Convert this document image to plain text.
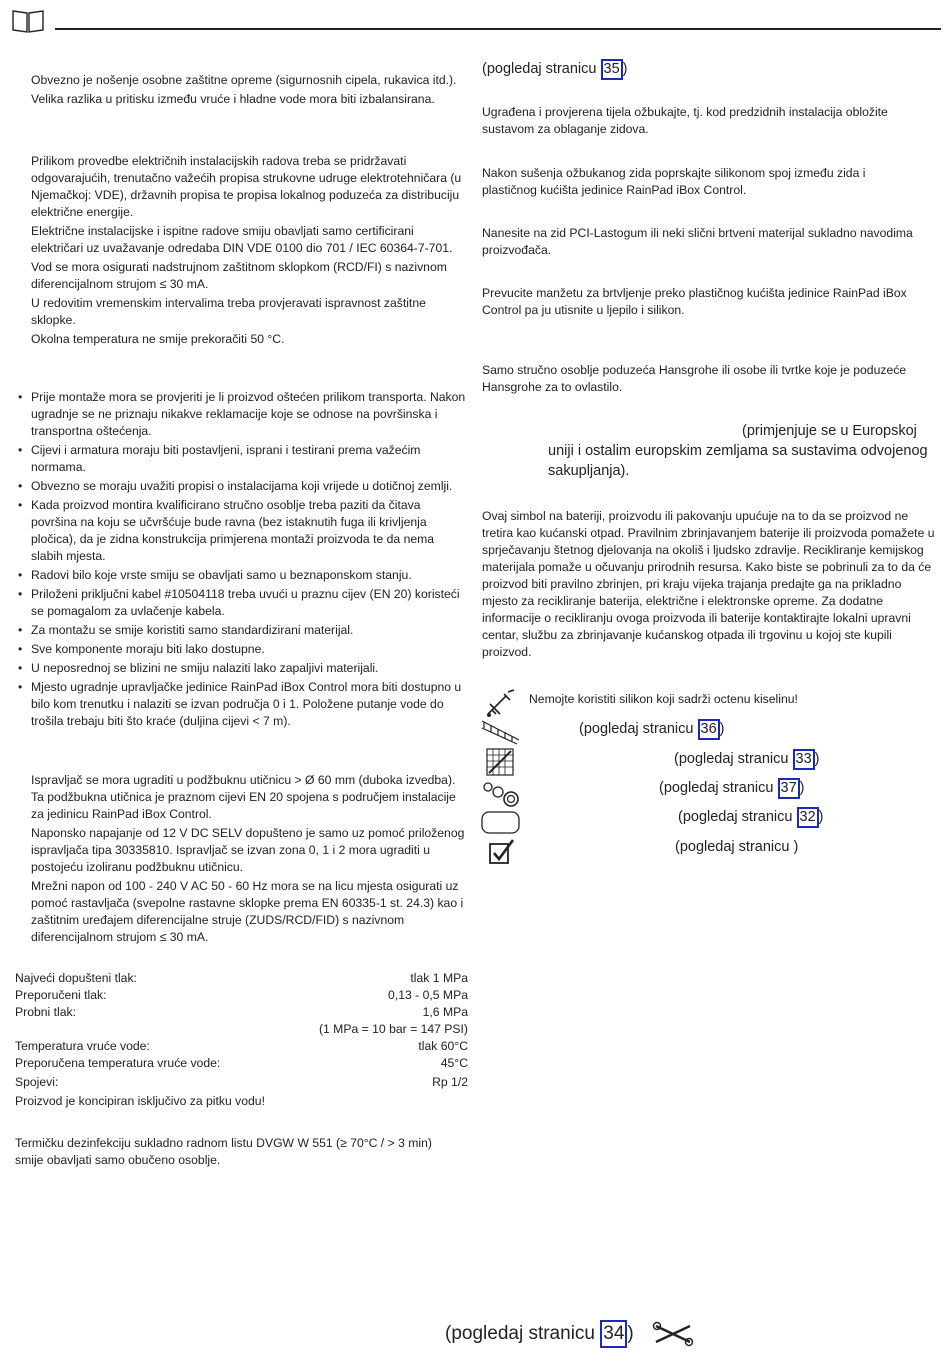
Obvezno je nošenje osobne zaštitne opreme (sigurnosnih cipela, rukavica itd.).

Velika razlika u pritisku između vruće i hladne vode mora biti izbalansirana.

Prilikom provedbe električnih instalacijskih radova treba se pridržavati odgovarajućih, trenutačno važećih propisa strukovne udruge elektrotehničara (u Njemačkoj: VDE), državnih propisa te propisa lokalnog poduzeća za distribuciju električne energije.

Električne instalacijske i ispitne radove smiju obavljati samo certificirani električari uz uvažavanje odredaba DIN VDE 0100 dio 701 / IEC 60364-7-701.

Vod se mora osigurati nadstrujnom zaštitnom sklopkom (RCD/FI) s nazivnom diferencijalnom strujom ≤ 30 mA.

U redovitim vremenskim intervalima treba provjeravati ispravnost zaštitne sklopke.

Okolna temperatura ne smije prekoračiti 50 °C.

• Prije montaže mora se provjeriti je li proizvod oštećen prilikom transporta. Nakon ugradnje se ne priznaju nikakve reklamacije koje se odnose na površinska i transportna oštećenja.
• Cijevi i armatura moraju biti postavljeni, isprani i testirani prema važećim normama.
• Obvezno se moraju uvažiti propisi o instalacijama koji vrijede u dotičnoj zemlji.
• Kada proizvod montira kvalificirano stručno osoblje treba paziti da čitava površina na koju se učvršćuje bude ravna (bez istaknutih fuga ili krivljenja pločica), da je zidna konstrukcija primjerena montaži proizvoda te da nema slabih mjesta.
• Radovi bilo koje vrste smiju se obavljati samo u beznaponskom stanju.
• Priloženi priključni kabel #10504118 treba uvući u praznu cijev (EN 20) koristeći se pomagalom za uvlačenje kabela.
• Za montažu se smije koristiti samo standardizirani materijal.
• Sve komponente moraju biti lako dostupne.
• U neposrednoj se blizini ne smiju nalaziti lako zapaljivi materijali.
• Mjesto ugradnje upravljačke jedinice RainPad iBox Control mora biti dostupno u bilo kom trenutku i nalaziti se izvan područja 0 i 1. Položene putanje vode do trošila trebaju biti što kraće (duljina cijevi < 7 m).

Ispravljač se mora ugraditi u podžbuknu utičnicu > Ø 60 mm (duboka izvedba). Ta podžbukna utičnica je praznom cijevi EN 20 spojena s područjem instalacije za jedinicu RainPad iBox Control.

Naponsko napajanje od 12 V DC SELV dopušteno je samo uz pomoć priloženog ispravljača tipa 30335810. Ispravljač se izvan zona 0, 1 i 2 mora ugraditi u postojeću izoliranu podžbuknu utičnicu.

Mrežni napon od 100 - 240 V AC 50 - 60 Hz mora se na licu mjesta osigurati uz pomoć rastavljača (svepolne rastavne sklopke prema EN 60335-1 st. 24.3) kao i zaštitnim uređajem diferencijalne struje (ZUDS/RCD/FID) s nazivnom diferencijalnom strujom ≤ 30 mA.

Najveći dopušteni tlak:	tlak 1 MPa
Preporučeni tlak:	0,13 - 0,5 MPa
Probni tlak:	1,6 MPa
(1 MPa = 10 bar = 147 PSI)
Temperatura vruće vode:	tlak 60°C
Preporučena temperatura vruće vode:	45°C
Spojevi:	Rp 1/2

Proizvod je koncipiran isključivo za pitku vodu!

Termičku dezinfekciju sukladno radnom listu DVGW W 551 (≥ 70°C / > 3 min) smije obavljati samo obučeno osoblje.

(pogledaj stranicu 35 )

Ugrađena i provjerena tijela ožbukajte, tj. kod predzidnih instalacija obložite sustavom za oblaganje zidova.

Nakon sušenja ožbukanog zida poprskajte silikonom spoj između zida i plastičnog kućišta jedinice RainPad iBox Control.

Nanesite na zid PCI-Lastogum ili neki slični brtveni materijal sukladno navodima proizvođača.

Prevucite manžetu za brtvljenje preko plastičnog kućišta jedinice RainPad iBox Control pa ju utisnite u ljepilo i silikon.

Samo stručno osoblje poduzeća Hansgrohe ili osobe ili tvrtke koje je poduzeće Hansgrohe za to ovlastilo.

(primjenjuje se u Europskoj
uniji i ostalim europskim zemljama sa sustavima odvojenog
sakupljanja).

Ovaj simbol na bateriji, proizvodu ili pakovanju upućuje na to da se proizvod ne tretira kao kućanski otpad. Pravilnim zbrinjavanjem baterije ili proizvoda pomažete u sprječavanju štetnog djelovanja na okoliš i ljudsko zdravlje. Recikliranje kemijskog materijala pomaže u očuvanju prirodnih resursa. Kako biste se pobrinuli za to da će proizvod biti pravilno zbrinjen, pri kraju vijeka trajanja predajte ga na prikladno mjesto za recikliranje baterija, električne i elektronske opreme. Za dodatne informacije o recikliranju ovoga proizvoda ili baterije kontaktirajte lokalni upravni centar, službu za zbrinjavanje kućanskog otpada ili trgovinu u kojoj ste kupili proizvod.

Nemojte koristiti silikon koji sadrži octenu kiselinu!

(pogledaj stranicu 36 )
(pogledaj stranicu 33 )
(pogledaj stranicu 37 )
(pogledaj stranicu 32 )
(pogledaj stranicu )
(pogledaj stranicu 34 )
